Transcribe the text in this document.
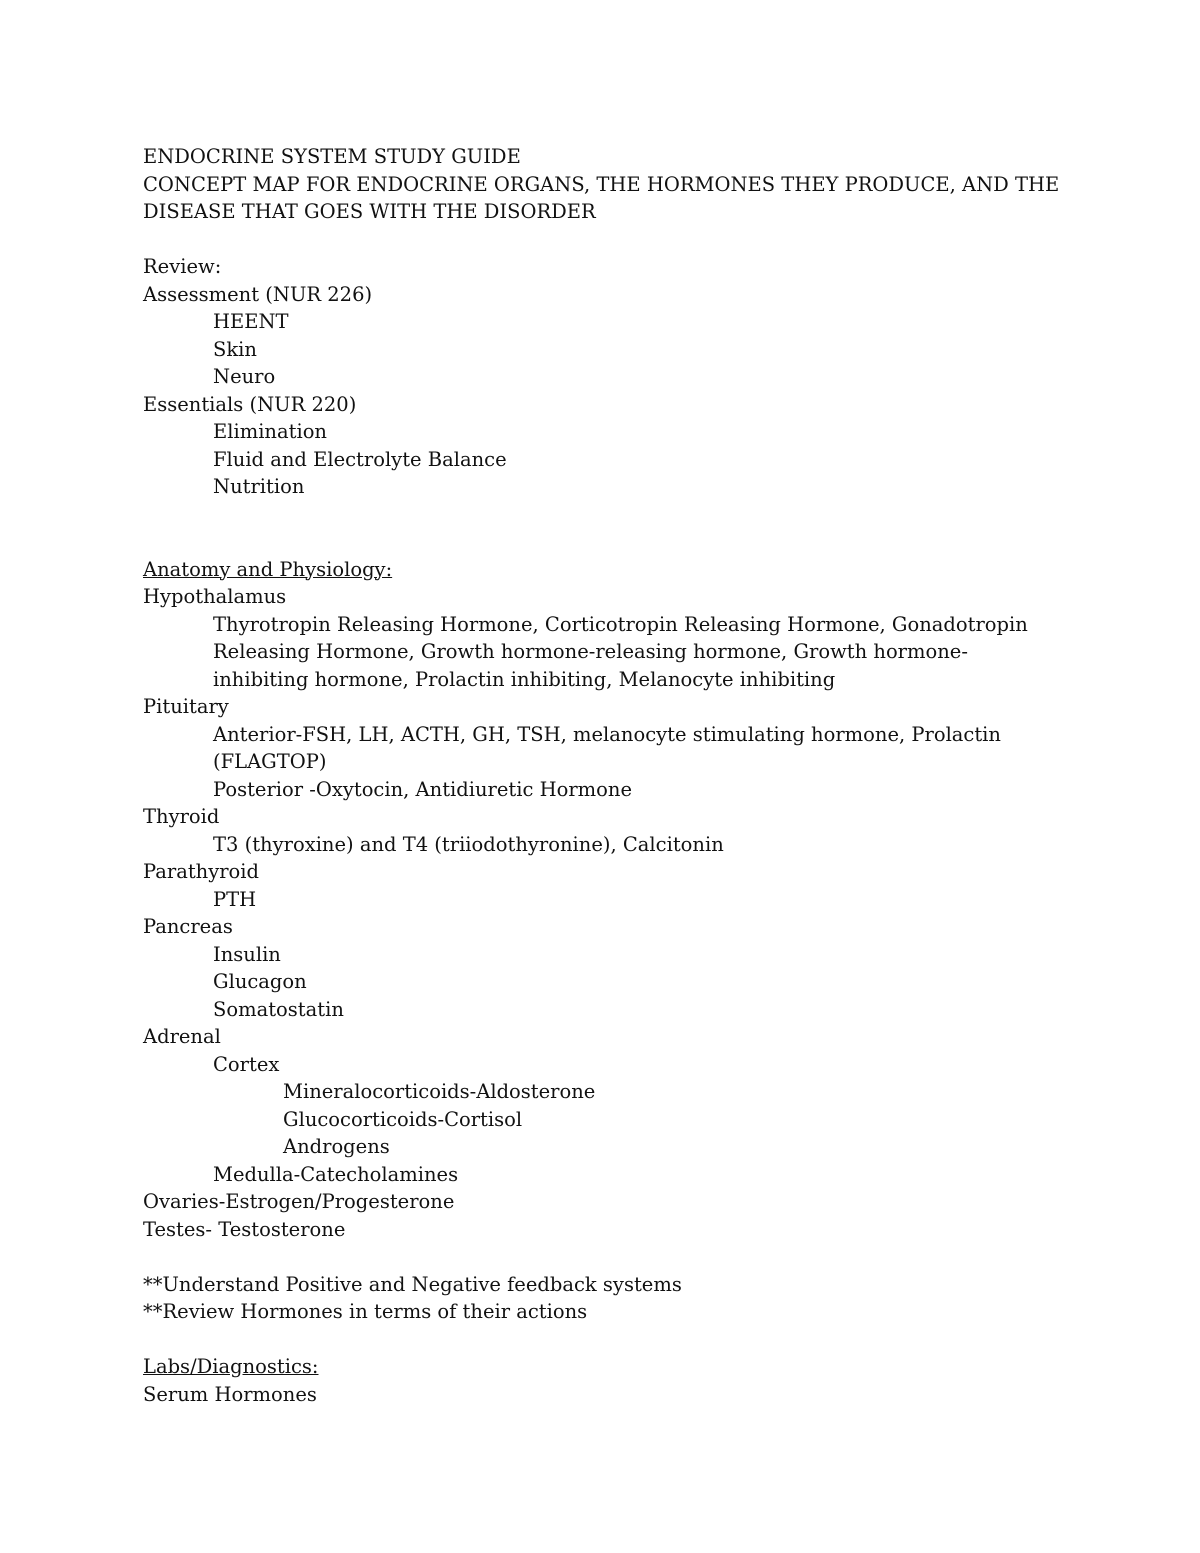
ENDOCRINE SYSTEM STUDY GUIDE
CONCEPT MAP FOR ENDOCRINE ORGANS, THE HORMONES THEY PRODUCE, AND THE
DISEASE THAT GOES WITH THE DISORDER
Review:
Assessment (NUR 226)
HEENT
Skin
Neuro
Essentials (NUR 220)
Elimination
Fluid and Electrolyte Balance
Nutrition
Anatomy and Physiology:
Hypothalamus
Thyrotropin Releasing Hormone, Corticotropin Releasing Hormone, Gonadotropin
Releasing Hormone, Growth hormone-releasing hormone, Growth hormone-
inhibiting hormone, Prolactin inhibiting, Melanocyte inhibiting
Pituitary
Anterior-FSH, LH, ACTH, GH, TSH, melanocyte stimulating hormone, Prolactin
(FLAGTOP)
Posterior -Oxytocin, Antidiuretic Hormone
Thyroid
T3 (thyroxine) and T4 (triiodothyronine), Calcitonin
Parathyroid
PTH
Pancreas
Insulin
Glucagon
Somatostatin
Adrenal
Cortex
Mineralocorticoids-Aldosterone
Glucocorticoids-Cortisol
Androgens
Medulla-Catecholamines
Ovaries-Estrogen/Progesterone
Testes- Testosterone
**Understand Positive and Negative feedback systems
**Review Hormones in terms of their actions
Labs/Diagnostics:
Serum Hormones
